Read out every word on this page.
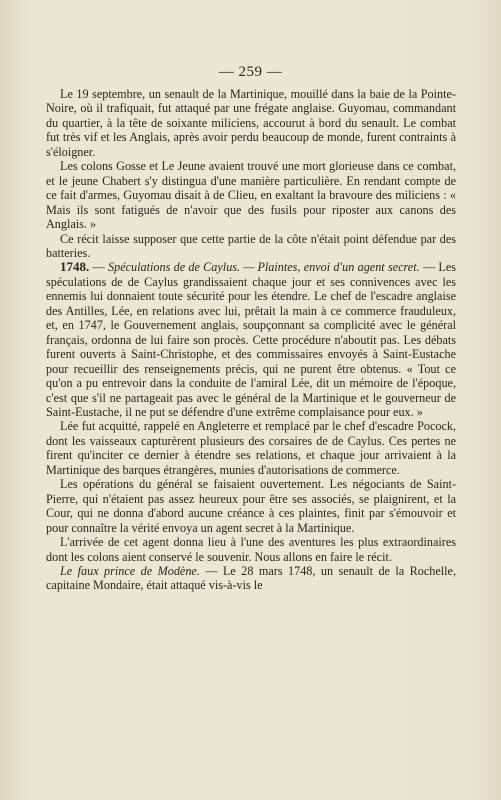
— 259 —

Le 19 septembre, un senault de la Martinique, mouillé dans la baie de la Pointe-Noire, où il trafiquait, fut attaqué par une frégate anglaise. Guyomau, commandant du quartier, à la tête de soixante miliciens, accourut à bord du senault. Le combat fut très vif et les Anglais, après avoir perdu beaucoup de monde, furent contraints à s'éloigner.

Les colons Gosse et Le Jeune avaient trouvé une mort glorieuse dans ce combat, et le jeune Chabert s'y distingua d'une manière particulière. En rendant compte de ce fait d'armes, Guyomau disait à de Clieu, en exaltant la bravoure des miliciens : « Mais ils sont fatigués de n'avoir que des fusils pour riposter aux canons des Anglais. »

Ce récit laisse supposer que cette partie de la côte n'était point défendue par des batteries.

1748. — Spéculations de de Caylus. — Plaintes, envoi d'un agent secret. — Les spéculations de de Caylus grandissaient chaque jour et ses connivences avec les ennemis lui donnaient toute sécurité pour les étendre. Le chef de l'escadre anglaise des Antilles, Lée, en relations avec lui, prêtait la main à ce commerce frauduleux, et, en 1747, le Gouvernement anglais, soupçonnant sa complicité avec le général français, ordonna de lui faire son procès. Cette procédure n'aboutit pas. Les débats furent ouverts à Saint-Christophe, et des commissaires envoyés à Saint-Eustache pour recueillir des renseignements précis, qui ne purent être obtenus. « Tout ce qu'on a pu entrevoir dans la conduite de l'amiral Lée, dit un mémoire de l'époque, c'est que s'il ne partageait pas avec le général de la Martinique et le gouverneur de Saint-Eustache, il ne put se défendre d'une extrême complaisance pour eux. »

Lée fut acquitté, rappelé en Angleterre et remplacé par le chef d'escadre Pocock, dont les vaisseaux capturèrent plusieurs des corsaires de de Caylus. Ces pertes ne firent qu'inciter ce dernier à étendre ses relations, et chaque jour arrivaient à la Martinique des barques étrangères, munies d'autorisations de commerce.

Les opérations du général se faisaient ouvertement. Les négociants de Saint-Pierre, qui n'étaient pas assez heureux pour être ses associés, se plaignirent, et la Cour, qui ne donna d'abord aucune créance à ces plaintes, finit par s'émouvoir et pour connaître la vérité envoya un agent secret à la Martinique.

L'arrivée de cet agent donna lieu à l'une des aventures les plus extraordinaires dont les colons aient conservé le souvenir. Nous allons en faire le récit.

Le faux prince de Modène. — Le 28 mars 1748, un senault de la Rochelle, capitaine Mondaire, était attaqué vis-à-vis le
